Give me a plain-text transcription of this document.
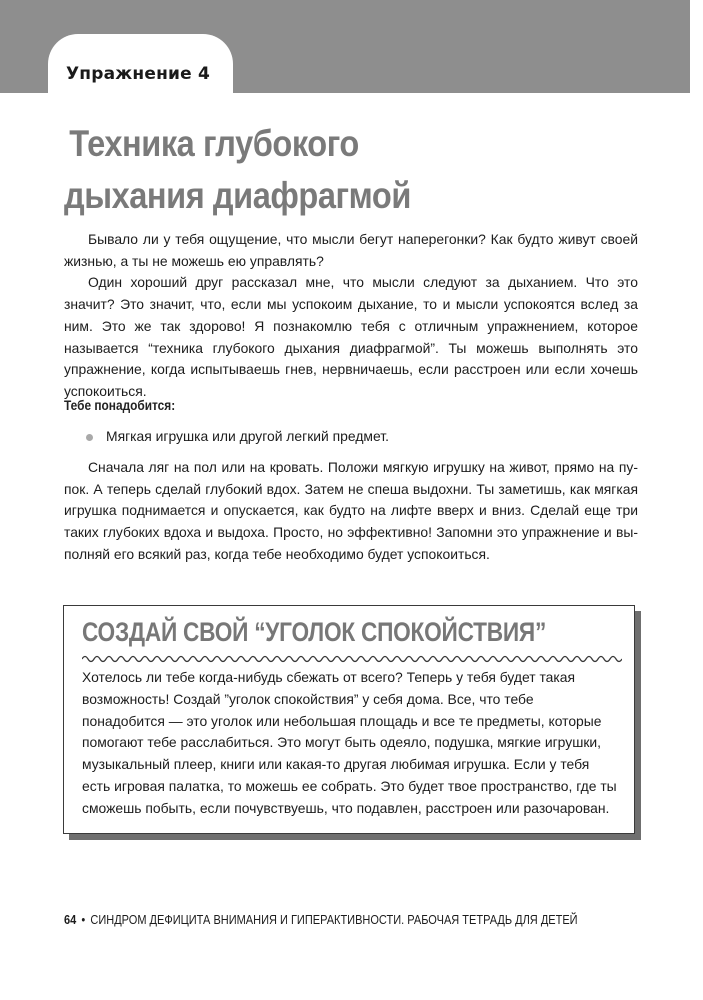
Упражнение 4
Техника глубокого
дыхания диафрагмой

Бывало ли у тебя ощущение, что мысли бегут наперегонки? Как будто живут своей жизнью, а ты не можешь ею управлять?

Один хороший друг рассказал мне, что мысли следуют за дыханием. Что это значит? Это значит, что, если мы успокоим дыхание, то и мысли успокоятся вслед за ним. Это же так здорово! Я познакомлю тебя с отличным упражнением, которое называется “техника глубокого дыхания диафрагмой”. Ты можешь выполнять это упражнение, когда испытываешь гнев, нервничаешь, если расстроен или если хочешь успокоиться.

Тебе понадобится:
Мягкая игрушка или другой легкий предмет.

Сначала ляг на пол или на кровать. Положи мягкую игрушку на живот, прямо на пупок. А теперь сделай глубокий вдох. Затем не спеша выдохни. Ты заметишь, как мягкая игрушка поднимается и опускается, как будто на лифте вверх и вниз. Сделай еще три таких глубоких вдоха и выдоха. Просто, но эффективно! Запомни это упражнение и выполняй его всякий раз, когда тебе необходимо будет успокоиться.

СОЗДАЙ СВОЙ “УГОЛОК СПОКОЙСТВИЯ”
Хотелось ли тебе когда-нибудь сбежать от всего? Теперь у тебя будет такая
возможность! Создай ”уголок спокойствия” у себя дома. Все, что тебе
понадобится — это уголок или небольшая площадь и все те предметы, которые
помогают тебе расслабиться. Это могут быть одеяло, подушка, мягкие игрушки,
музыкальный плеер, книги или какая-то другая любимая игрушка. Если у тебя
есть игровая палатка, то можешь ее собрать. Это будет твое пространство, где ты
сможешь побыть, если почувствуешь, что подавлен, расстроен или разочарован.
64 • СИНДРОМ ДЕФИЦИТА ВНИМАНИЯ И ГИПЕРАКТИВНОСТИ. РАБОЧАЯ ТЕТРАДЬ ДЛЯ ДЕТЕЙ
